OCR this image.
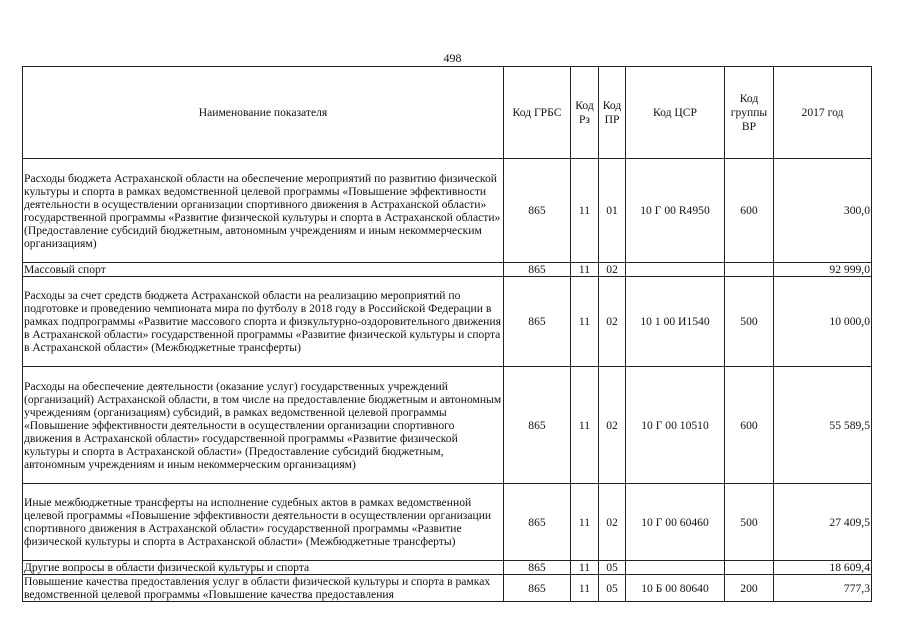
498
Наименование показателя	Код ГРБС	Код Рз	Код ПР	Код ЦСР	Код группы ВР	2017 год
Расходы бюджета Астраханской области на обеспечение мероприятий по развитию физической культуры и спорта в рамках ведомственной целевой программы «Повышение эффективности деятельности в осуществлении организации спортивного движения в Астраханской области» государственной программы «Развитие физической культуры и спорта в Астраханской области» (Предоставление субсидий бюджетным, автономным учреждениям и иным некоммерческим организациям)	865	11	01	10 Г 00 R4950	600	300,0
Массовый спорт	865	11	02			92 999,0
Расходы за счет средств бюджета Астраханской области на реализацию мероприятий по подготовке и проведению чемпионата мира по футболу в 2018 году в Российской Федерации в рамках подпрограммы «Развитие массового спорта и физкультурно-оздоровительного движения в Астраханской области» государственной программы «Развитие физической культуры и спорта в Астраханской области» (Межбюджетные трансферты)	865	11	02	10 1 00 И1540	500	10 000,0
Расходы на обеспечение деятельности (оказание услуг) государственных учреждений (организаций) Астраханской области, в том числе на предоставление бюджетным и автономным учреждениям (организациям) субсидий, в рамках ведомственной целевой программы «Повышение эффективности деятельности в осуществлении организации спортивного движения в Астраханской области» государственной программы «Развитие физической культуры и спорта в Астраханской области» (Предоставление субсидий бюджетным, автономным учреждениям и иным некоммерческим организациям)	865	11	02	10 Г 00 10510	600	55 589,5
Иные межбюджетные трансферты на исполнение судебных актов в рамках ведомственной целевой программы «Повышение эффективности деятельности в осуществлении организации спортивного движения в Астраханской области» государственной программы «Развитие физической культуры и спорта в Астраханской области» (Межбюджетные трансферты)	865	11	02	10 Г 00 60460	500	27 409,5
Другие вопросы в области физической культуры и спорта	865	11	05			18 609,4
Повышение качества предоставления услуг в области физической культуры и спорта в рамках ведомственной целевой программы «Повышение качества предоставления	865	11	05	10 Б 00 80640	200	777,3
